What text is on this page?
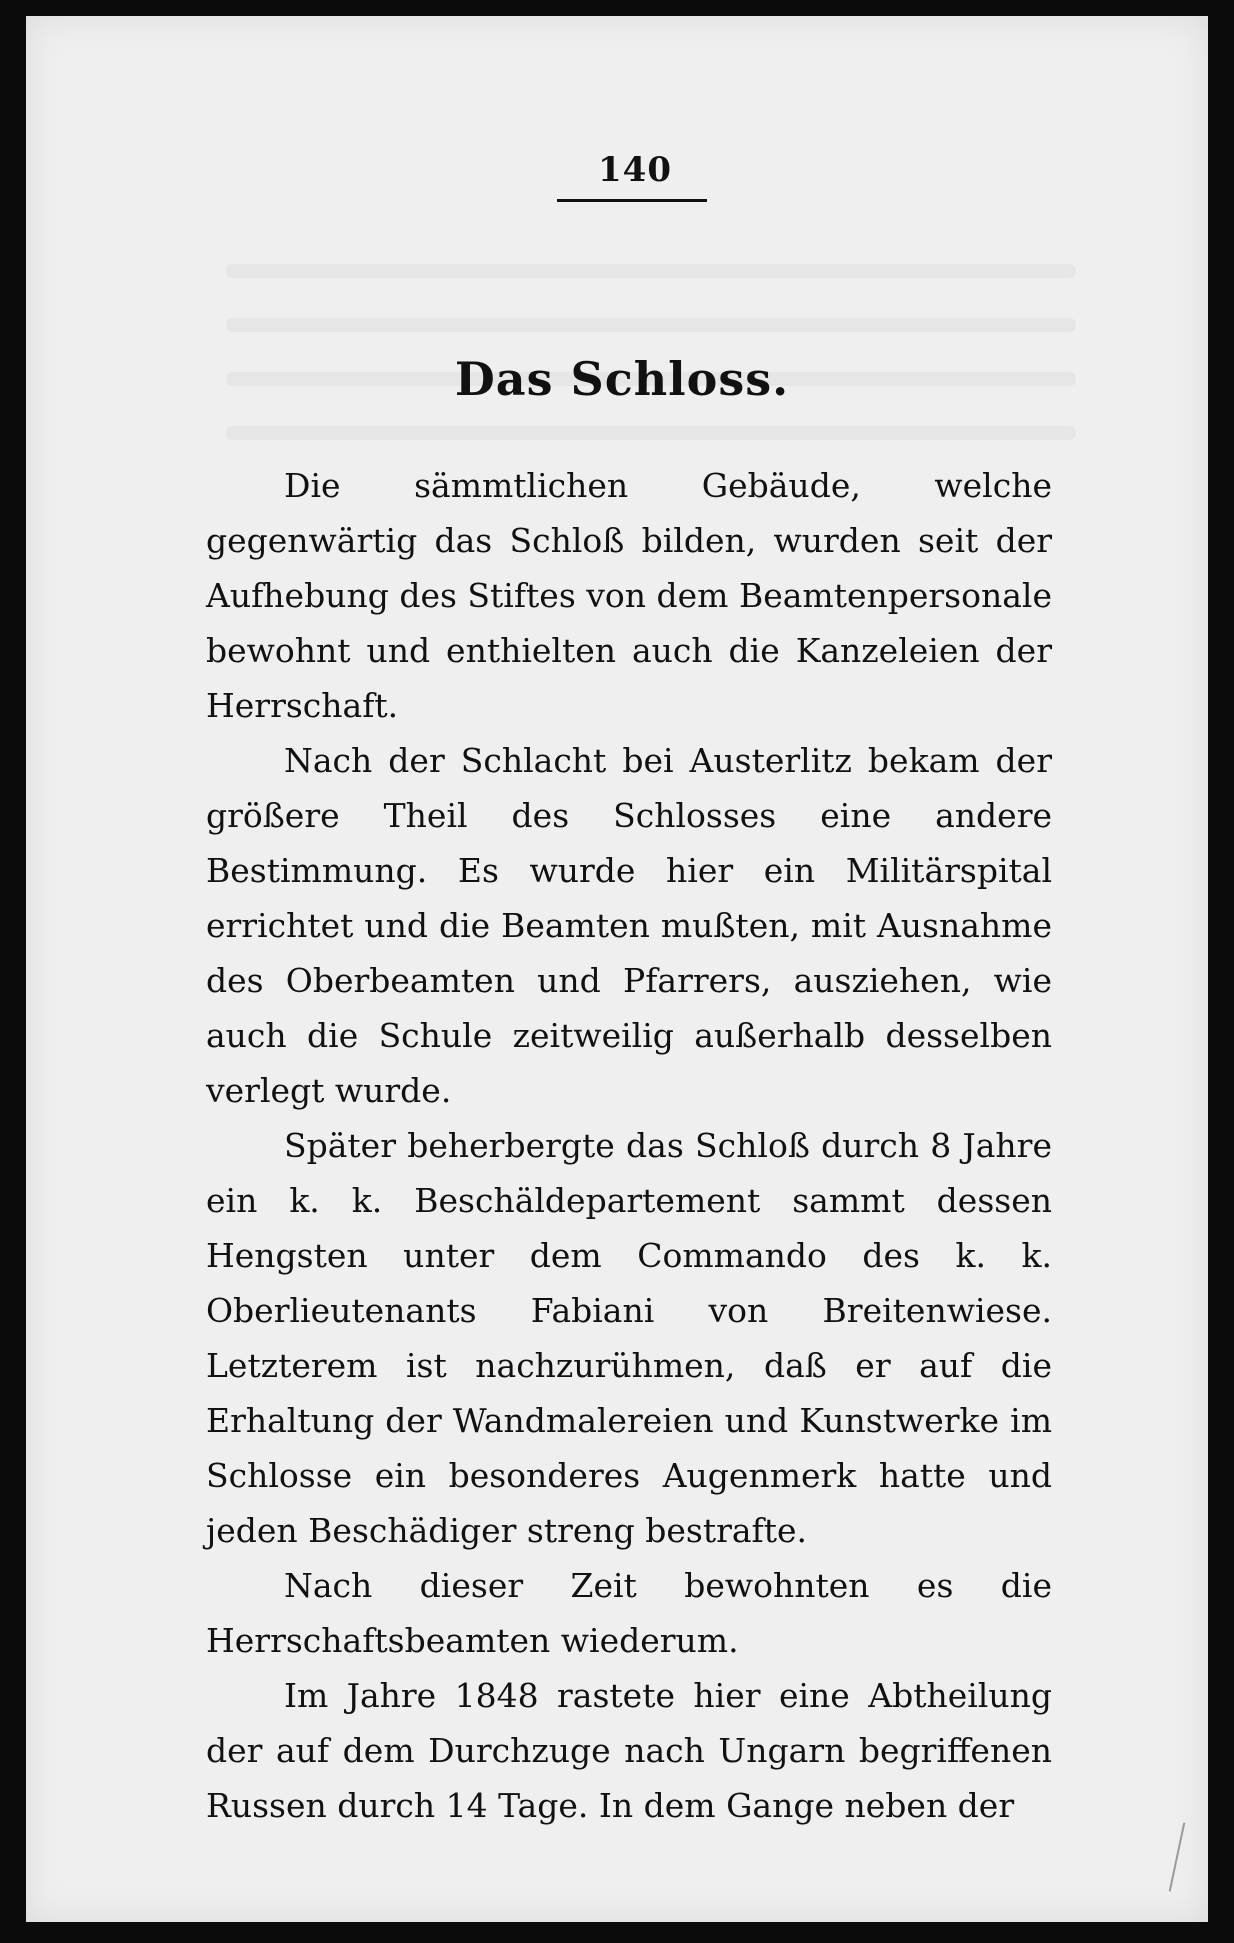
140
Das Schloss.

Die sämmtlichen Gebäude, welche gegenwärtig das Schloß bilden, wurden seit der Aufhebung des Stiftes von dem Beamtenpersonale bewohnt und enthielten auch die Kanzeleien der Herrschaft.

Nach der Schlacht bei Austerlitz bekam der größere Theil des Schlosses eine andere Bestimmung. Es wurde hier ein Militärspital errichtet und die Beamten mußten, mit Ausnahme des Oberbeamten und Pfarrers, ausziehen, wie auch die Schule zeitweilig außerhalb desselben verlegt wurde.

Später beherbergte das Schloß durch 8 Jahre ein k. k. Beschäldepartement sammt dessen Hengsten unter dem Commando des k. k. Oberlieutenants Fabiani von Breitenwiese. Letzterem ist nachzurühmen, daß er auf die Erhaltung der Wandmalereien und Kunstwerke im Schlosse ein besonderes Augenmerk hatte und jeden Beschädiger streng bestrafte.

Nach dieser Zeit bewohnten es die Herrschaftsbeamten wiederum.

Im Jahre 1848 rastete hier eine Abtheilung der auf dem Durchzuge nach Ungarn begriffenen Russen durch 14 Tage. In dem Gange neben der
